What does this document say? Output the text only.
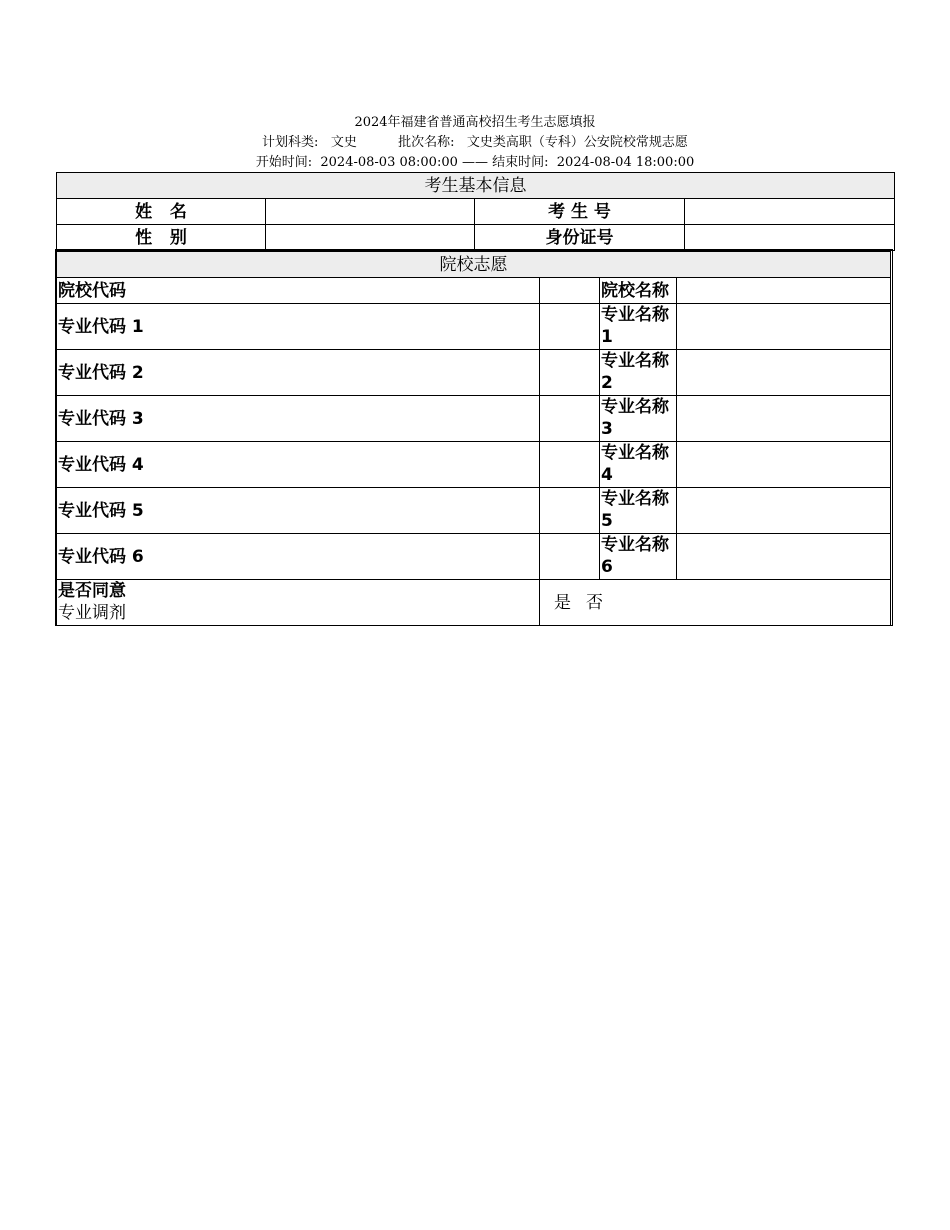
2024年福建省普通高校招生考生志愿填报
计划科类:   文史          批次名称:   文史类高职（专科）公安院校常规志愿
开始时间:  2024-08-03 08:00:00 —— 结束时间:  2024-08-04 18:00:00
考生基本信息			
姓   名		考 生 号	
性   别		身份证号	
院校志愿			
院校代码		院校名称	
专业代码 1		专业名称 1	
专业代码 2		专业名称 2	
专业代码 3		专业名称 3	
专业代码 4		专业名称 4	
专业代码 5		专业名称 5	
专业代码 6		专业名称 6	

是否同意
专业调剂	是 否		
